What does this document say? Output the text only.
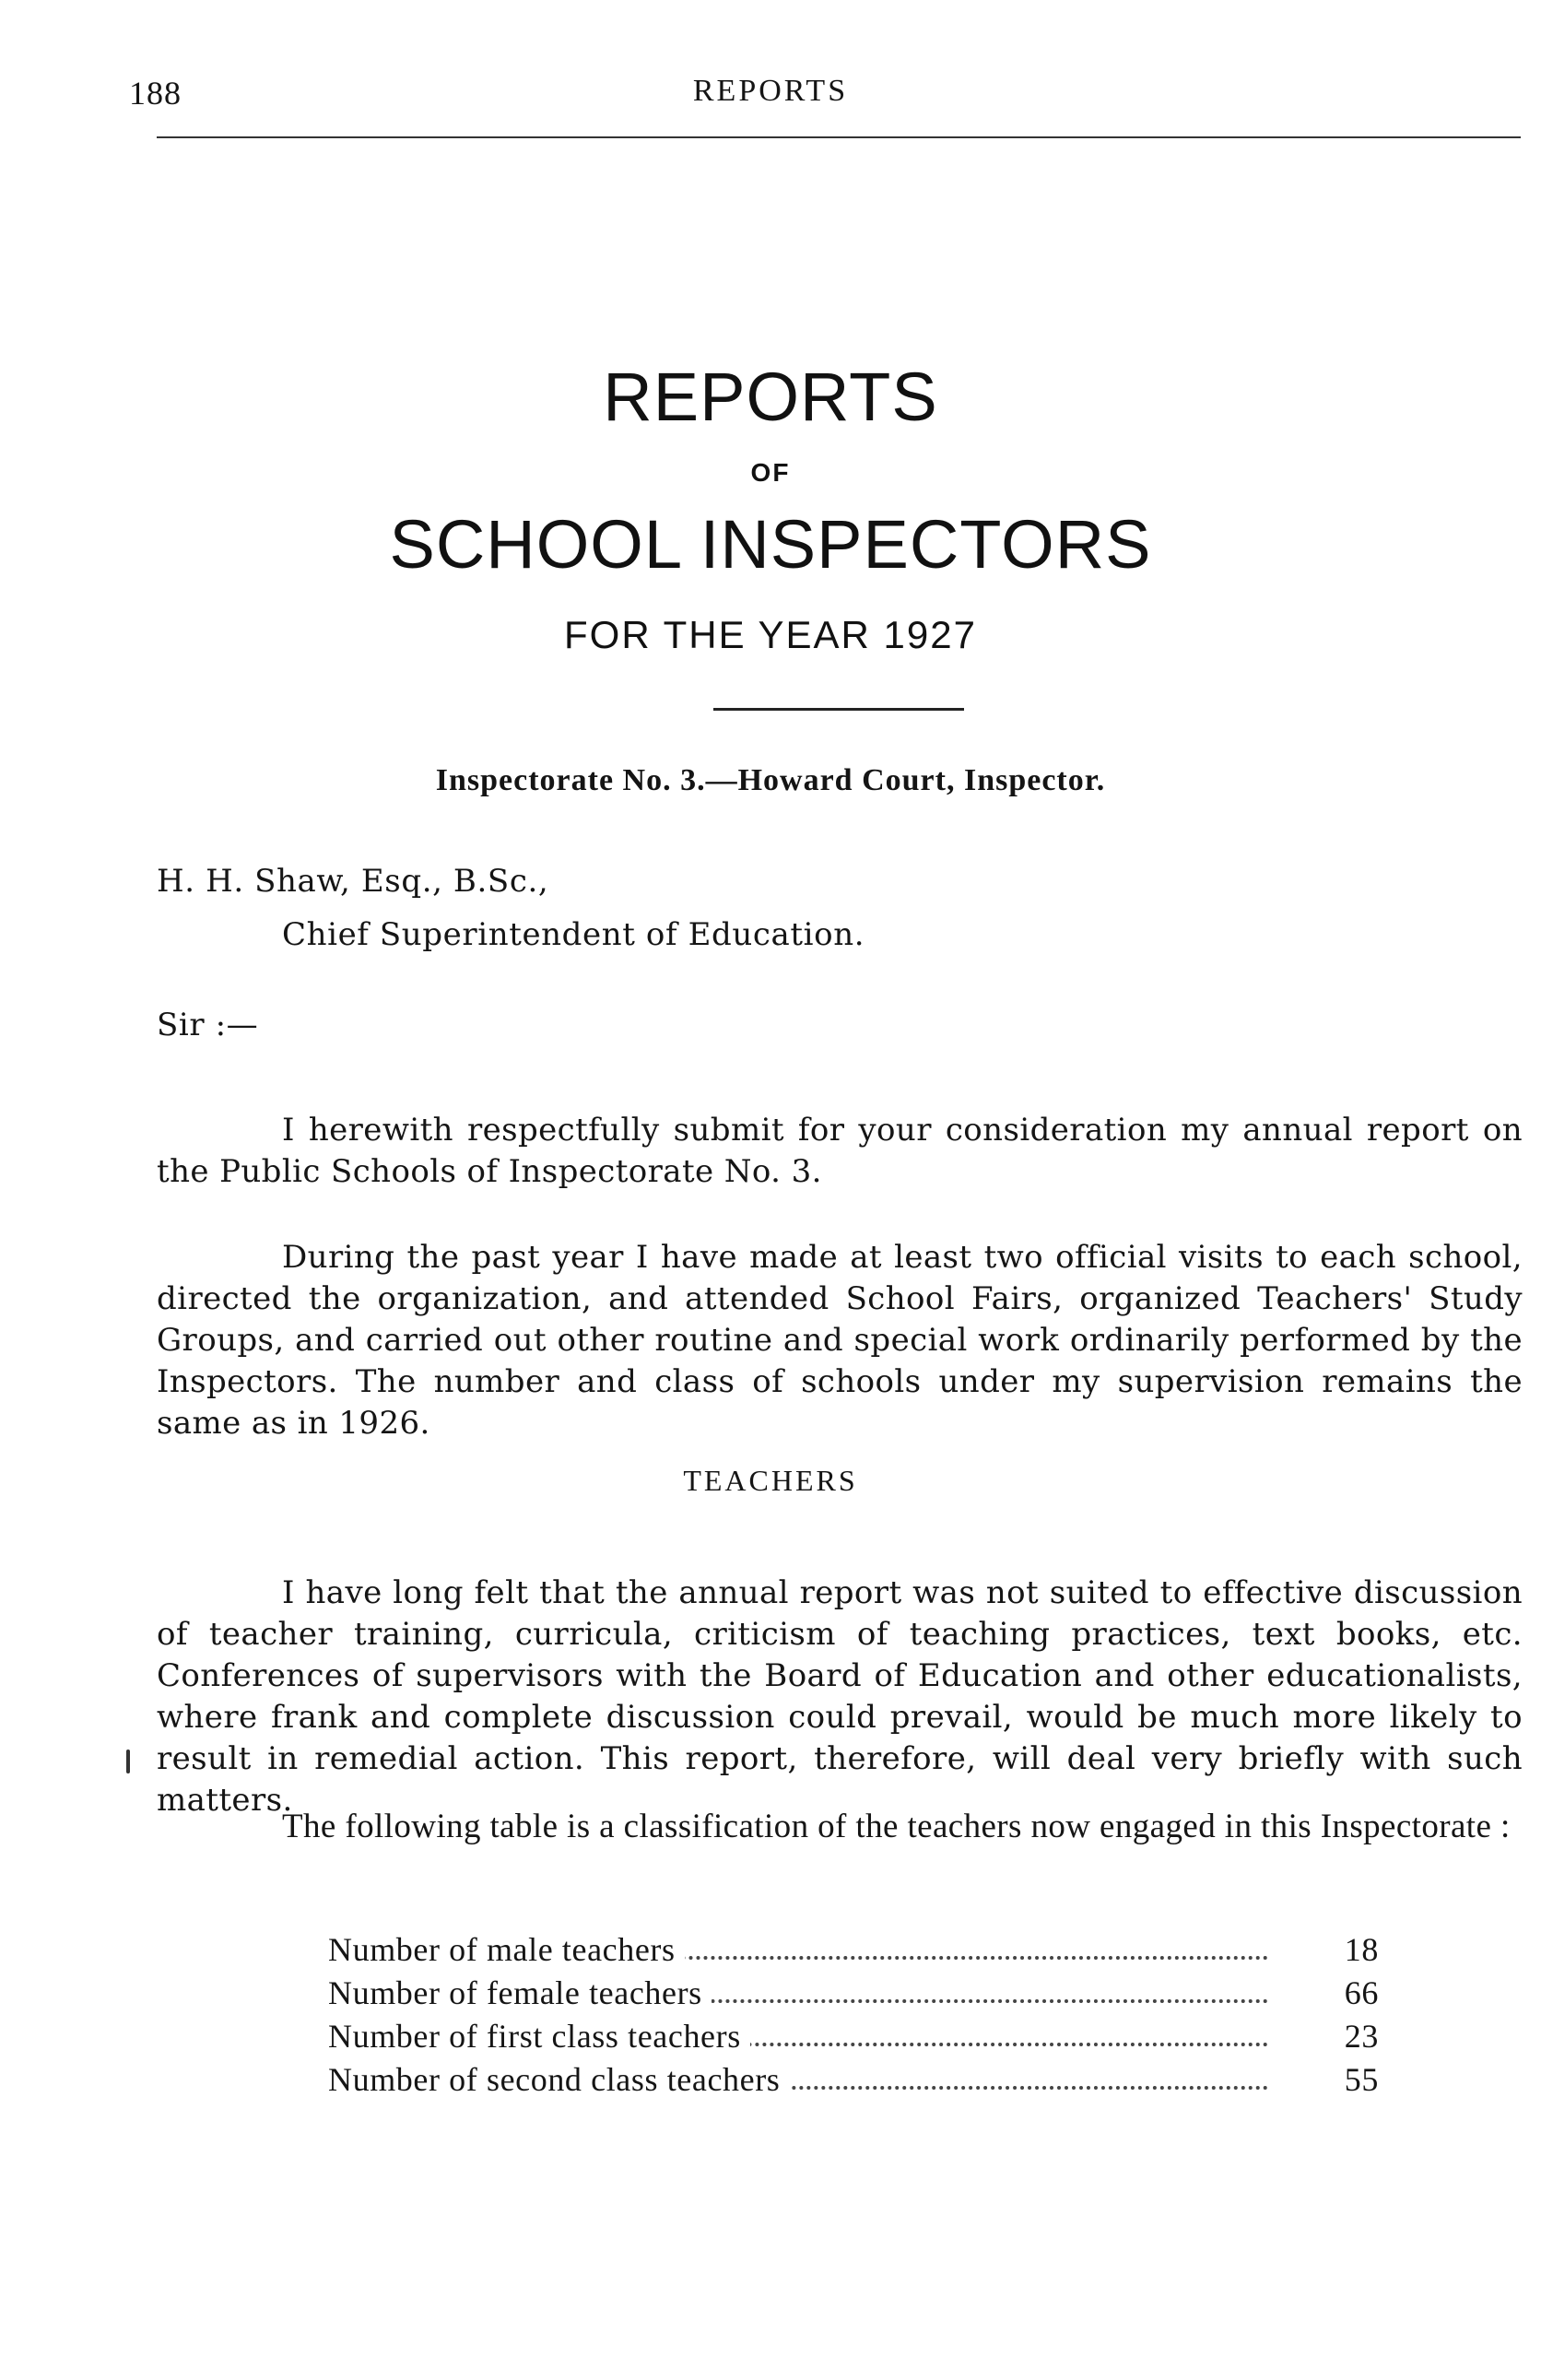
188	REPORTS
REPORTS
OF
SCHOOL INSPECTORS
FOR THE YEAR 1927
Inspectorate No. 3.—Howard Court, Inspector.
H. H. Shaw, Esq., B.Sc.,
Chief Superintendent of Education.
Sir :—

I herewith respectfully submit for your consideration my annual report on the Public Schools of Inspectorate No. 3.

During the past year I have made at least two official visits to each school, directed the organization, and attended School Fairs, organized Teachers' Study Groups, and carried out other routine and special work ordinarily performed by the Inspectors. The number and class of schools under my supervision remains the same as in 1926.

TEACHERS

I have long felt that the annual report was not suited to effective discussion of teacher training, curricula, criticism of teaching practices, text books, etc. Conferences of supervisors with the Board of Education and other educationalists, where frank and complete discussion could prevail, would be much more likely to result in remedial action. This report, therefore, will deal very briefly with such matters.

The following table is a classification of the teachers now engaged in this Inspectorate :

Number of male teachers	18
Number of female teachers	66
Number of first class teachers	23
Number of second class teachers	55
